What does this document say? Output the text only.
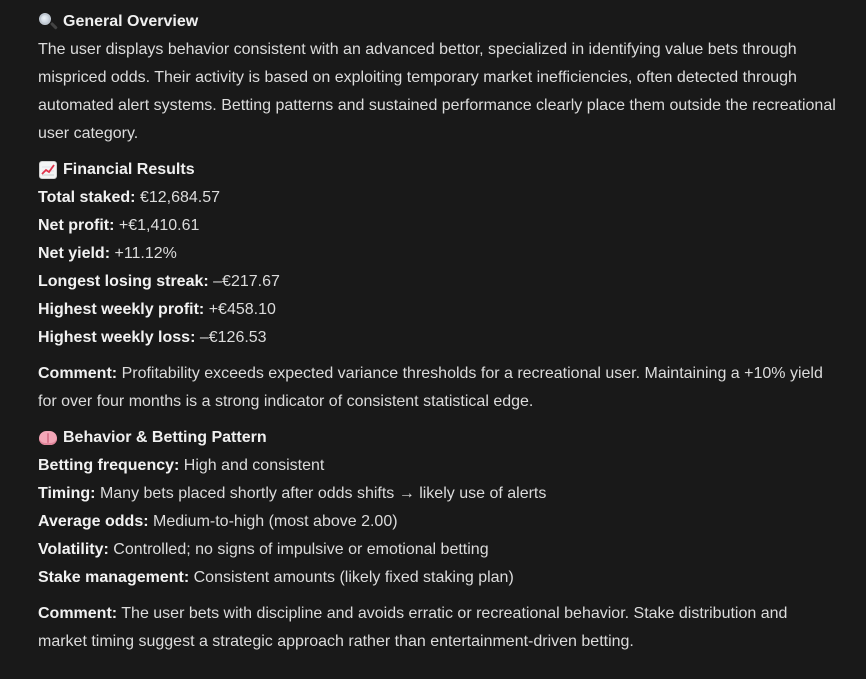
General Overview
The user displays behavior consistent with an advanced bettor, specialized in identifying value bets through mispriced odds. Their activity is based on exploiting temporary market inefficiencies, often detected through automated alert systems. Betting patterns and sustained performance clearly place them outside the recreational user category.
Financial Results
Total staked: €12,684.57
Net profit: +€1,410.61
Net yield: +11.12%
Longest losing streak: –€217.67
Highest weekly profit: +€458.10
Highest weekly loss: –€126.53
Comment: Profitability exceeds expected variance thresholds for a recreational user. Maintaining a +10% yield for over four months is a strong indicator of consistent statistical edge.
Behavior & Betting Pattern
Betting frequency: High and consistent
Timing: Many bets placed shortly after odds shifts → likely use of alerts
Average odds: Medium-to-high (most above 2.00)
Volatility: Controlled; no signs of impulsive or emotional betting
Stake management: Consistent amounts (likely fixed staking plan)
Comment: The user bets with discipline and avoids erratic or recreational behavior. Stake distribution and market timing suggest a strategic approach rather than entertainment-driven betting.
